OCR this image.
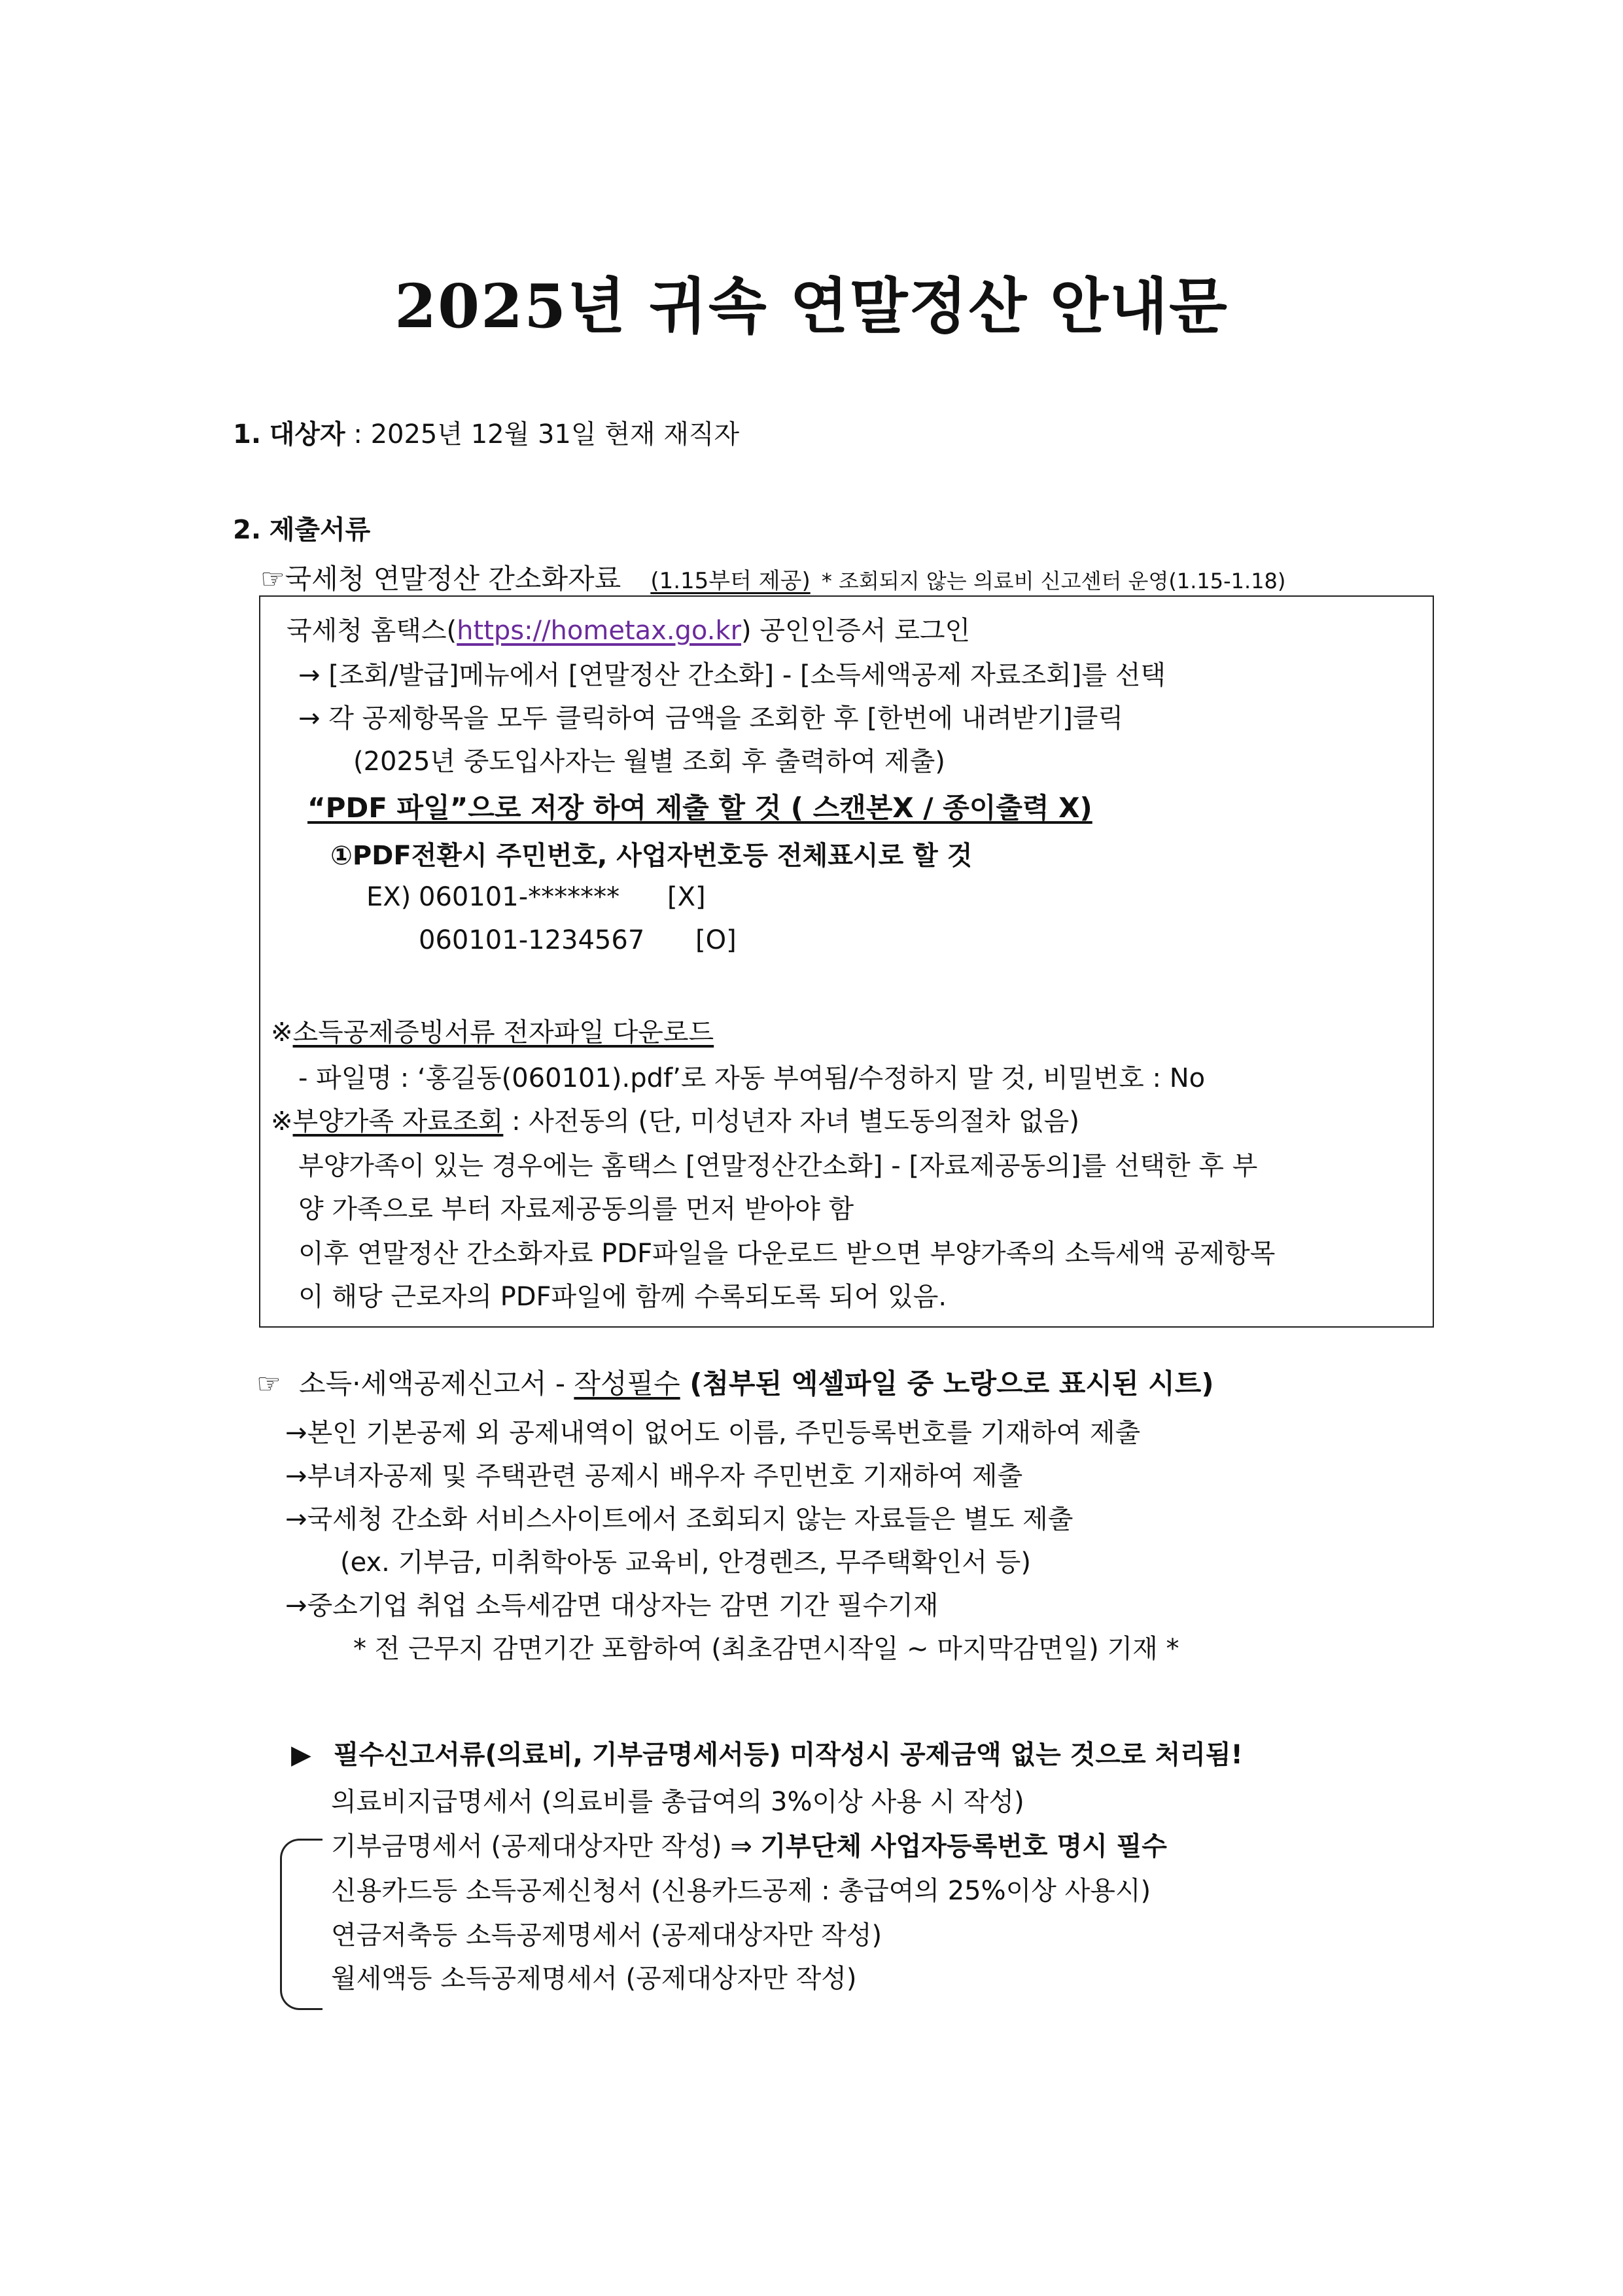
2025년 귀속 연말정산 안내문
1. 대상자 : 2025년 12월 31일 현재 재직자
2. 제출서류
☞국세청 연말정산 간소화자료 (1.15부터 제공) * 조회되지 않는 의료비 신고센터 운영(1.15-1.18)
국세청 홈택스(https://hometax.go.kr) 공인인증서 로그인
→ [조회/발급]메뉴에서 [연말정산 간소화] - [소득세액공제 자료조회]를 선택
→ 각 공제항목을 모두 클릭하여 금액을 조회한 후 [한번에 내려받기]클릭
(2025년 중도입사자는 월별 조회 후 출력하여 제출)
“PDF 파일”으로 저장 하여 제출 할 것 ( 스캔본X / 종이출력 X)
①PDF전환시 주민번호, 사업자번호등 전체표시로 할 것
EX) 060101-******* [X]
060101-1234567 [O]
※소득공제증빙서류 전자파일 다운로드
- 파일명 : ‘홍길동(060101).pdf’로 자동 부여됨/수정하지 말 것, 비밀번호 : No
※부양가족 자료조회 : 사전동의 (단, 미성년자 자녀 별도동의절차 없음)
부양가족이 있는 경우에는 홈택스 [연말정산간소화] - [자료제공동의]를 선택한 후 부
양 가족으로 부터 자료제공동의를 먼저 받아야 함
이후 연말정산 간소화자료 PDF파일을 다운로드 받으면 부양가족의 소득세액 공제항목
이 해당 근로자의 PDF파일에 함께 수록되도록 되어 있음.
☞ 소득·세액공제신고서 - 작성필수 (첨부된 엑셀파일 중 노랑으로 표시된 시트)
→본인 기본공제 외 공제내역이 없어도 이름, 주민등록번호를 기재하여 제출
→부녀자공제 및 주택관련 공제시 배우자 주민번호 기재하여 제출
→국세청 간소화 서비스사이트에서 조회되지 않는 자료들은 별도 제출
(ex. 기부금, 미취학아동 교육비, 안경렌즈, 무주택확인서 등)
→중소기업 취업 소득세감면 대상자는 감면 기간 필수기재
* 전 근무지 감면기간 포함하여 (최초감면시작일 ~ 마지막감면일) 기재 *
▶ 필수신고서류(의료비, 기부금명세서등) 미작성시 공제금액 없는 것으로 처리됨!
의료비지급명세서 (의료비를 총급여의 3%이상 사용 시 작성)
기부금명세서 (공제대상자만 작성) ⇒ 기부단체 사업자등록번호 명시 필수
신용카드등 소득공제신청서 (신용카드공제 : 총급여의 25%이상 사용시)
연금저축등 소득공제명세서 (공제대상자만 작성)
월세액등 소득공제명세서 (공제대상자만 작성)
